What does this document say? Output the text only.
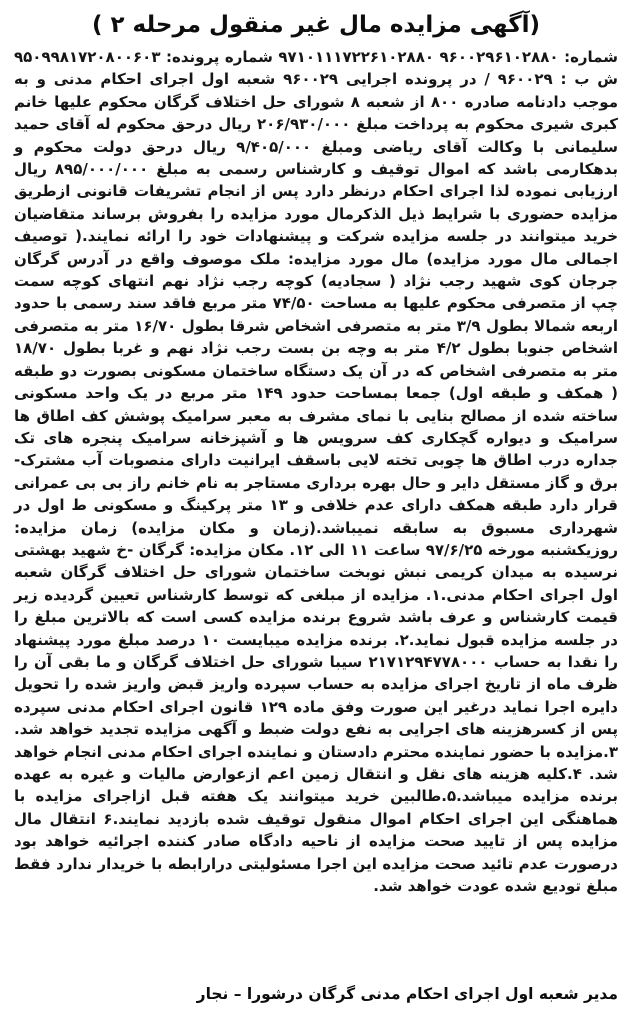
(آگهی مزایده مال غیر منقول مرحله ۲ )

شماره: ۹۶۰۰۲۹۶۱۰۲۸۸۰ ۹۷۱۰۱۱۱۷۲۲۶۱۰۲۸۸۰ شماره پرونده: ۹۵۰۹۹۸۱۷۲۰۸۰۰۶۰۳ ش ب : ۹۶۰۰۲۹ / در پرونده اجرایی ۹۶۰۰۲۹ شعبه اول اجرای احکام مدنی و به موجب دادنامه صادره ۸۰۰ از شعبه ۸ شورای حل اختلاف گرگان محکوم علیها خانم کبری شیری محکوم به پرداخت مبلغ ۲۰۶/۹۳۰/۰۰۰ ریال درحق محکوم له آقای حمید سلیمانی با وکالت آقای ریاضی ومبلغ ۹/۴۰۵/۰۰۰ ریال درحق دولت محکوم و بدهکارمی باشد که اموال توقیف و کارشناس رسمی به مبلغ ۸۹۵/۰۰۰/۰۰۰ ریال ارزیابی نموده لذا اجرای احکام درنظر دارد پس از انجام تشریفات قانونی ازطریق مزایده حضوری با شرایط ذیل الذکرمال مورد مزایده را بفروش برساند متقاضیان خرید میتوانند در جلسه مزایده شرکت و پیشنهادات خود را ارائه نمایند.( توصیف اجمالی مال مورد مزایده) مال مورد مزایده: ملک موصوف واقع در آدرس گرگان جرجان کوی شهید رجب نژاد ( سجادیه) کوچه رجب نژاد نهم انتهای کوچه سمت چپ از متصرفی محکوم علیها به مساحت ۷۴/۵۰ متر مربع فاقد سند رسمی با حدود اربعه شمالا بطول ۳/۹ متر به متصرفی اشخاص شرقا بطول ۱۶/۷۰ متر به متصرفی اشخاص جنوبا بطول ۴/۲ متر به وچه بن بست رجب نژاد نهم و غربا بطول ۱۸/۷۰ متر به متصرفی اشخاص که در آن یک دستگاه ساختمان مسکونی بصورت دو طبقه ( همکف و طبقه اول) جمعا بمساحت حدود ۱۴۹ متر مربع در یک واحد مسکونی ساخته شده از مصالح بنایی با نمای مشرف به معبر سرامیک پوشش کف اطاق ها سرامیک و دیواره گچکاری کف سرویس ها و آشپزخانه سرامیک پنجره های تک جداره درب اطاق ها چوبی تخته لایی باسقف ایرانیت دارای منصوبات آب مشترک- برق و گاز مستقل دایر و حال بهره برداری مستاجر به نام خانم راز بی بی عمرانی قرار دارد طبقه همکف دارای عدم خلافی و ۱۳ متر پرکینگ و مسکونی ط اول در شهرداری مسبوق به سابقه نمیباشد.(زمان و مکان مزایده) زمان مزایده: روزیکشنبه مورخه ۹۷/۶/۲۵ ساعت ۱۱ الی ۱۲. مکان مزایده: گرگان -خ شهید بهشتی نرسیده به میدان کریمی نبش نوبخت ساختمان شورای حل اختلاف گرگان شعبه اول اجرای احکام مدنی.۱. مزایده از مبلغی که توسط کارشناس تعیین گردیده زیر قیمت کارشناس و عرف باشد شروع برنده مزایده کسی است که بالاترین مبلغ را در جلسه مزایده قبول نماید.۲. برنده مزایده میبایست ۱۰ درصد مبلغ مورد پیشنهاد را نقدا به حساب ۲۱۷۱۲۹۴۷۷۸۰۰۰ سیبا شورای حل اختلاف گرگان و ما بقی آن را ظرف ماه از تاریخ اجرای مزایده به حساب سپرده واریز قبض واریز شده را تحویل دایره اجرا نماید درغیر این صورت وفق ماده ۱۲۹ قانون اجرای احکام مدنی سپرده پس از کسرهزینه های اجرایی به نفع دولت ضبط و آگهی مزایده تجدید خواهد شد. ۳.مزایده با حضور نماینده محترم دادستان و نماینده اجرای احکام مدنی انجام خواهد شد. ۴.کلیه هزینه های نقل و انتقال زمین اعم ازعوارض مالیات و غیره به عهده برنده مزایده میباشد.۵.طالبین خرید میتوانند یک هفته قبل ازاجرای مزایده با هماهنگی این اجرای احکام اموال منقول توقیف شده بازدید نمایند.۶ انتقال مال مزایده پس از تایید صحت مزایده از ناحیه دادگاه صادر کننده اجرائیه خواهد بود درصورت عدم تائید صحت مزایده این اجرا مسئولیتی درارابطه با خریدار ندارد فقط مبلغ تودیع شده عودت خواهد شد.

مدیر شعبه اول اجرای احکام مدنی گرگان درشورا – نجار
